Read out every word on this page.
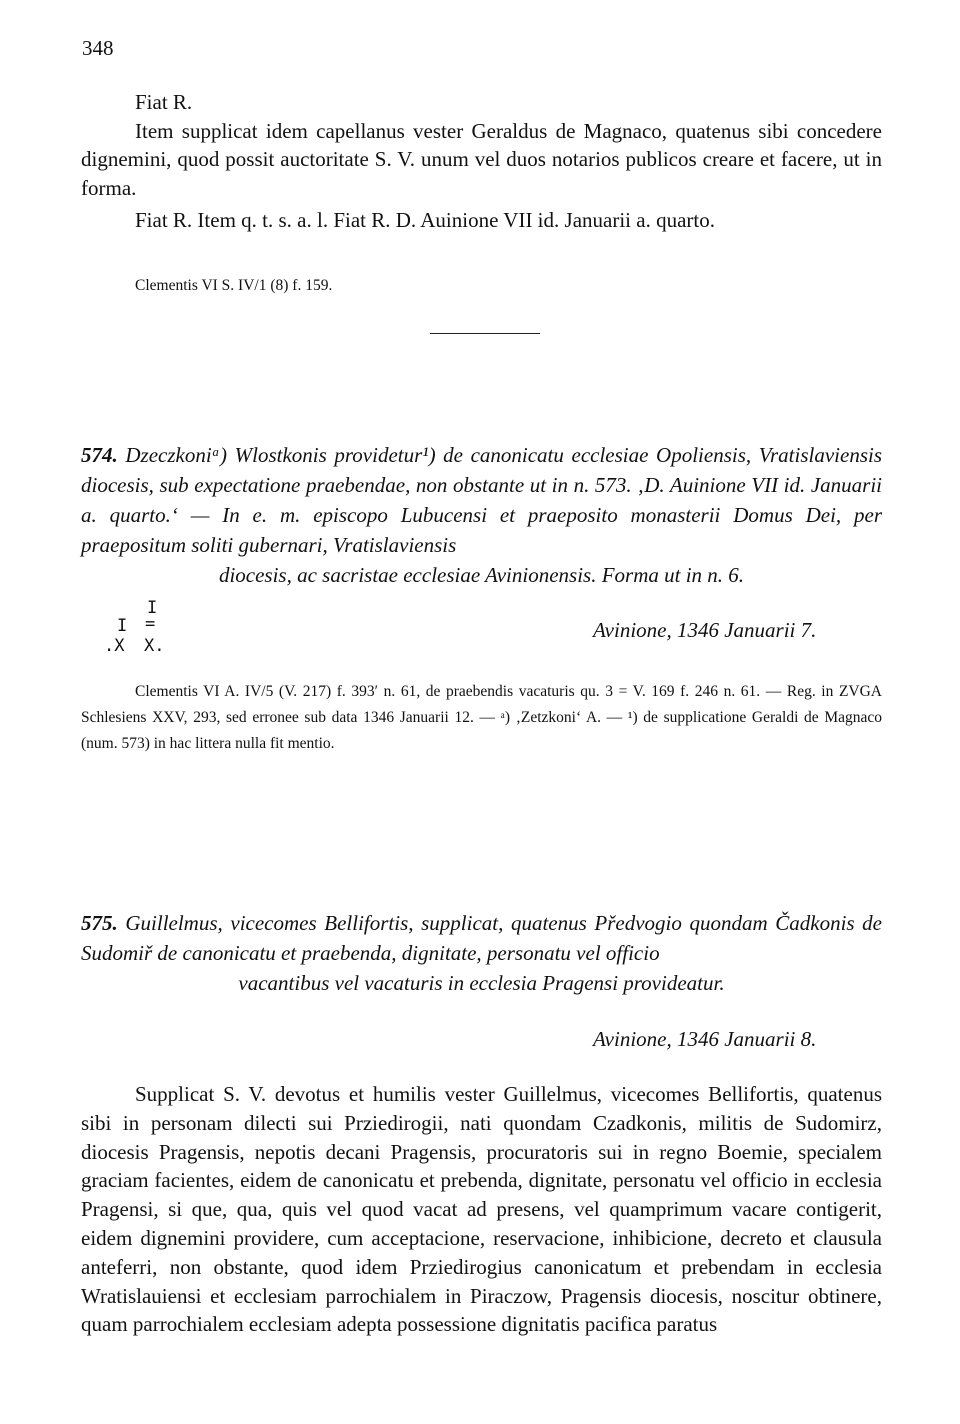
348

Fiat R.

Item supplicat idem capellanus vester Geraldus de Magnaco, quatenus sibi concedere dignemini, quod possit auctoritate S. V. unum vel duos notarios publicos creare et facere, ut in forma.

Fiat R. Item q. t. s. a. l. Fiat R. D. Auinione VII id. Januarii a. quarto.

Clementis VI S. IV/1 (8) f. 159.

574. Dzeczkoniᵃ) Wlostkonis providetur¹) de canonicatu ecclesiae Opoliensis, Vratislaviensis diocesis, sub expectatione praebendae, non obstante ut in n. 573. ‚D. Auinione VII id. Januarii a. quarto.‘ — In e. m. episcopo Lubucensi et praeposito monasterii Domus Dei, per praepositum soliti gubernari, Vratislaviensis

diocesis, ac sacristae ecclesiae Avinionensis. Forma ut in n. 6.
I
I =
.X X.
Avinione, 1346 Januarii 7.

Clementis VI A. IV/5 (V. 217) f. 393′ n. 61, de praebendis vacaturis qu. 3 = V. 169 f. 246 n. 61. — Reg. in ZVGA Schlesiens XXV, 293, sed erronee sub data 1346 Januarii 12. — ᵃ) ‚Zetzkoni‘ A. — ¹) de supplicatione Geraldi de Magnaco (num. 573) in hac littera nulla fit mentio.

575. Guillelmus, vicecomes Bellifortis, supplicat, quatenus Předvogio quondam Čadkonis de Sudomiř de canonicatu et praebenda, dignitate, personatu vel officio

vacantibus vel vacaturis in ecclesia Pragensi provideatur.
Avinione, 1346 Januarii 8.

Supplicat S. V. devotus et humilis vester Guillelmus, vicecomes Bellifortis, quatenus sibi in personam dilecti sui Prziedirogii, nati quondam Czadkonis, militis de Sudomirz, diocesis Pragensis, nepotis decani Pragensis, procuratoris sui in regno Boemie, specialem graciam facientes, eidem de canonicatu et prebenda, dignitate, personatu vel officio in ecclesia Pragensi, si que, qua, quis vel quod vacat ad presens, vel quamprimum vacare contigerit, eidem dignemini providere, cum acceptacione, reservacione, inhibicione, decreto et clausula anteferri, non obstante, quod idem Prziedirogius canonicatum et prebendam in ecclesia Wratislauiensi et ecclesiam parrochialem in Piraczow, Pragensis diocesis, noscitur obtinere, quam parrochialem ecclesiam adepta possessione dignitatis pacifica paratus
